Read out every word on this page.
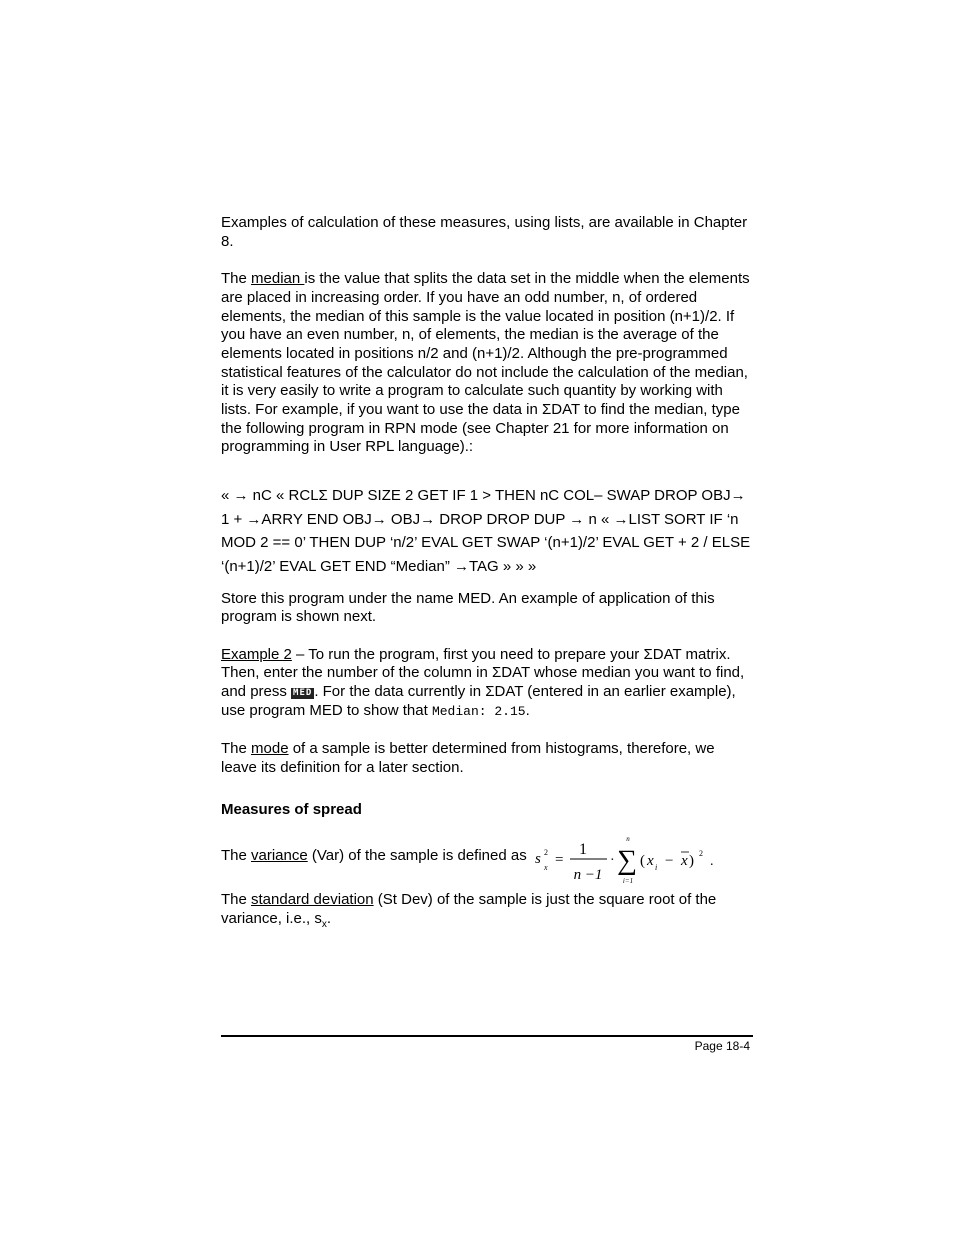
Examples of calculation of these measures, using lists, are available in Chapter 8.

The median is the value that splits the data set in the middle when the elements are placed in increasing order. If you have an odd number, n, of ordered elements, the median of this sample is the value located in position (n+1)/2. If you have an even number, n, of elements, the median is the average of the elements located in positions n/2 and (n+1)/2. Although the pre-programmed statistical features of the calculator do not include the calculation of the median, it is very easily to write a program to calculate such quantity by working with lists. For example, if you want to use the data in ΣDAT to find the median, type the following program in RPN mode (see Chapter 21 for more information on programming in User RPL language).:

« → nC « RCLΣ DUP SIZE 2 GET IF 1 > THEN nC COL– SWAP DROP OBJ→ 1 + →ARRY END OBJ→ OBJ→ DROP DROP DUP → n « →LIST SORT IF ‘n MOD 2 == 0’ THEN DUP ‘n/2’ EVAL GET SWAP ‘(n+1)/2’ EVAL GET + 2 / ELSE ‘(n+1)/2’ EVAL GET END “Median” →TAG » » »

Store this program under the name MED. An example of application of this program is shown next.

Example 2 – To run the program, first you need to prepare your ΣDAT matrix. Then, enter the number of the column in ΣDAT whose median you want to find, and press MED . For the data currently in ΣDAT (entered in an earlier example), use program MED to show that Median: 2.15.

The mode of a sample is better determined from histograms, therefore, we leave its definition for a later section.

Measures of spread

The variance (Var) of the sample is defined as s 2
x =
1
n −1
·
n
∑
i=1
( x i − x ) 2
.

The standard deviation (St Dev) of the sample is just the square root of the variance, i.e., $s_x$.

Page 18-4
